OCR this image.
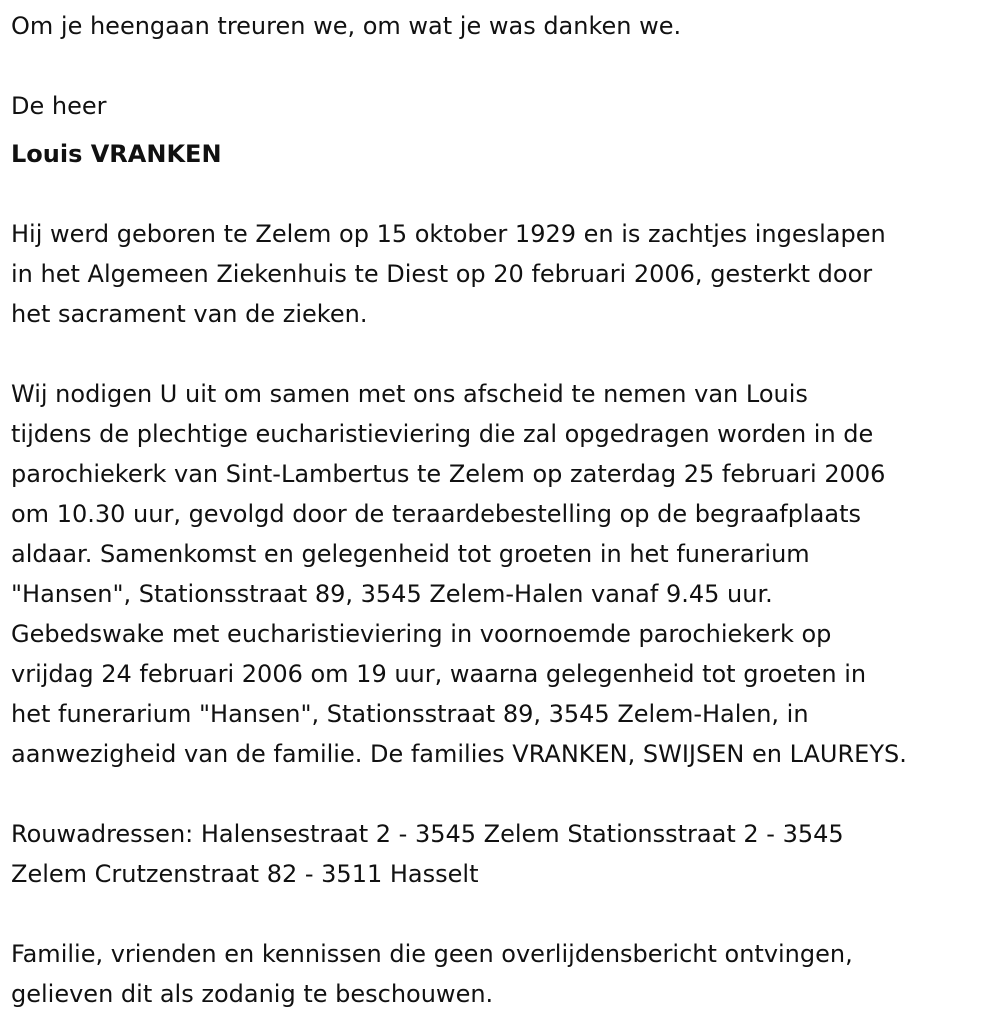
Om je heengaan treuren we, om wat je was danken we.
De heer
Louis VRANKEN
Hij werd geboren te Zelem op 15 oktober 1929 en is zachtjes ingeslapen
in het Algemeen Ziekenhuis te Diest op 20 februari 2006, gesterkt door
het sacrament van de zieken.
Wij nodigen U uit om samen met ons afscheid te nemen van Louis
tijdens de plechtige eucharistieviering die zal opgedragen worden in de
parochiekerk van Sint-Lambertus te Zelem op zaterdag 25 februari 2006
om 10.30 uur, gevolgd door de teraardebestelling op de begraafplaats
aldaar. Samenkomst en gelegenheid tot groeten in het funerarium
"Hansen", Stationsstraat 89, 3545 Zelem-Halen vanaf 9.45 uur.
Gebedswake met eucharistieviering in voornoemde parochiekerk op
vrijdag 24 februari 2006 om 19 uur, waarna gelegenheid tot groeten in
het funerarium "Hansen", Stationsstraat 89, 3545 Zelem-Halen, in
aanwezigheid van de familie. De families VRANKEN, SWIJSEN en LAUREYS.
Rouwadressen: Halensestraat 2 - 3545 Zelem Stationsstraat 2 - 3545
Zelem Crutzenstraat 82 - 3511 Hasselt
Familie, vrienden en kennissen die geen overlijdensbericht ontvingen,
gelieven dit als zodanig te beschouwen.
